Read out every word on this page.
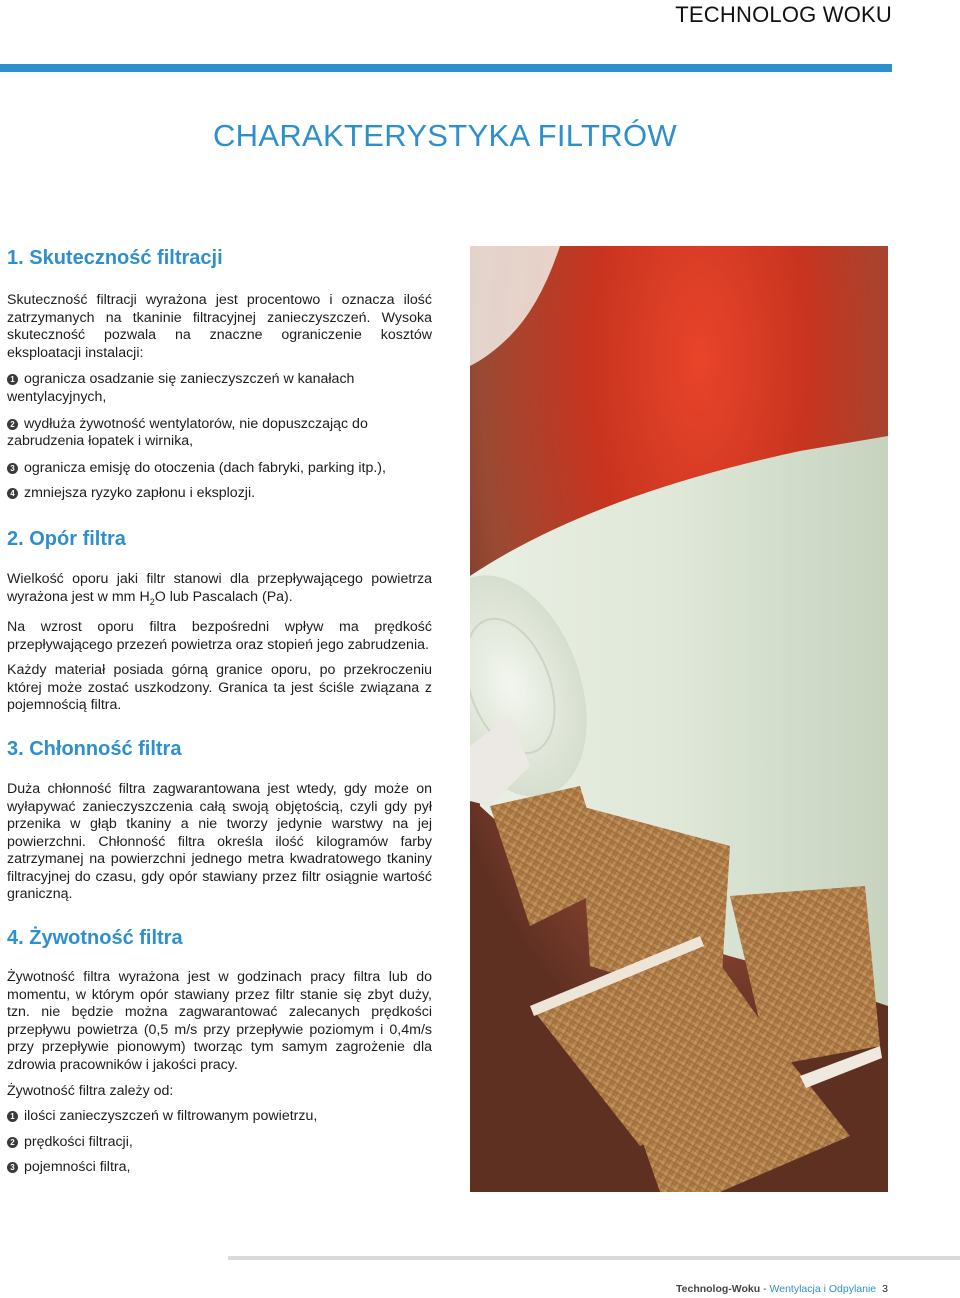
TECHNOLOG WOKU
CHARAKTERYSTYKA FILTRÓW
1. Skuteczność filtracji

Skuteczność filtracji wyrażona jest procentowo i oznacza ilość zatrzymanych na tkaninie filtracyjnej zanieczyszczeń. Wysoka skuteczność pozwala na znaczne ograniczenie kosztów eksploatacji instalacji:

1 ogranicza osadzanie się zanieczyszczeń w kanałach wentylacyjnych,

2 wydłuża żywotność wentylatorów, nie dopuszczając do zabrudzenia łopatek i wirnika,

3 ogranicza emisję do otoczenia (dach fabryki, parking itp.),

4 zmniejsza ryzyko zapłonu i eksplozji.

2. Opór filtra

Wielkość oporu jaki filtr stanowi dla przepływającego powietrza wyrażona jest w mm $H_2O$ lub Pascalach (Pa).

Na wzrost oporu filtra bezpośredni wpływ ma prędkość przepływającego przezeń powietrza oraz stopień jego zabrudzenia.

Każdy materiał posiada górną granice oporu, po przekroczeniu której może zostać uszkodzony. Granica ta jest ściśle związana z pojemnością filtra.

3. Chłonność filtra

Duża chłonność filtra zagwarantowana jest wtedy, gdy może on wyłapywać zanieczyszczenia całą swoją objętością, czyli gdy pył przenika w głąb tkaniny a nie tworzy jedynie warstwy na jej powierzchni. Chłonność filtra określa ilość kilogramów farby zatrzymanej na powierzchni jednego metra kwadratowego tkaniny filtracyjnej do czasu, gdy opór stawiany przez filtr osiągnie wartość graniczną.

4. Żywotność filtra

Żywotność filtra wyrażona jest w godzinach pracy filtra lub do momentu, w którym opór stawiany przez filtr stanie się zbyt duży, tzn. nie będzie można zagwarantować zalecanych prędkości przepływu powietrza (0,5 m/s przy przepływie poziomym i 0,4m/s przy przepływie pionowym) tworząc tym samym zagrożenie dla zdrowia pracowników i jakości pracy.

Żywotność filtra zależy od:

1 ilości zanieczyszczeń w filtrowanym powietrzu,

2 prędkości filtracji,

3 pojemności filtra,

Technolog-Woku - Wentylacja i Odpylanie 3
